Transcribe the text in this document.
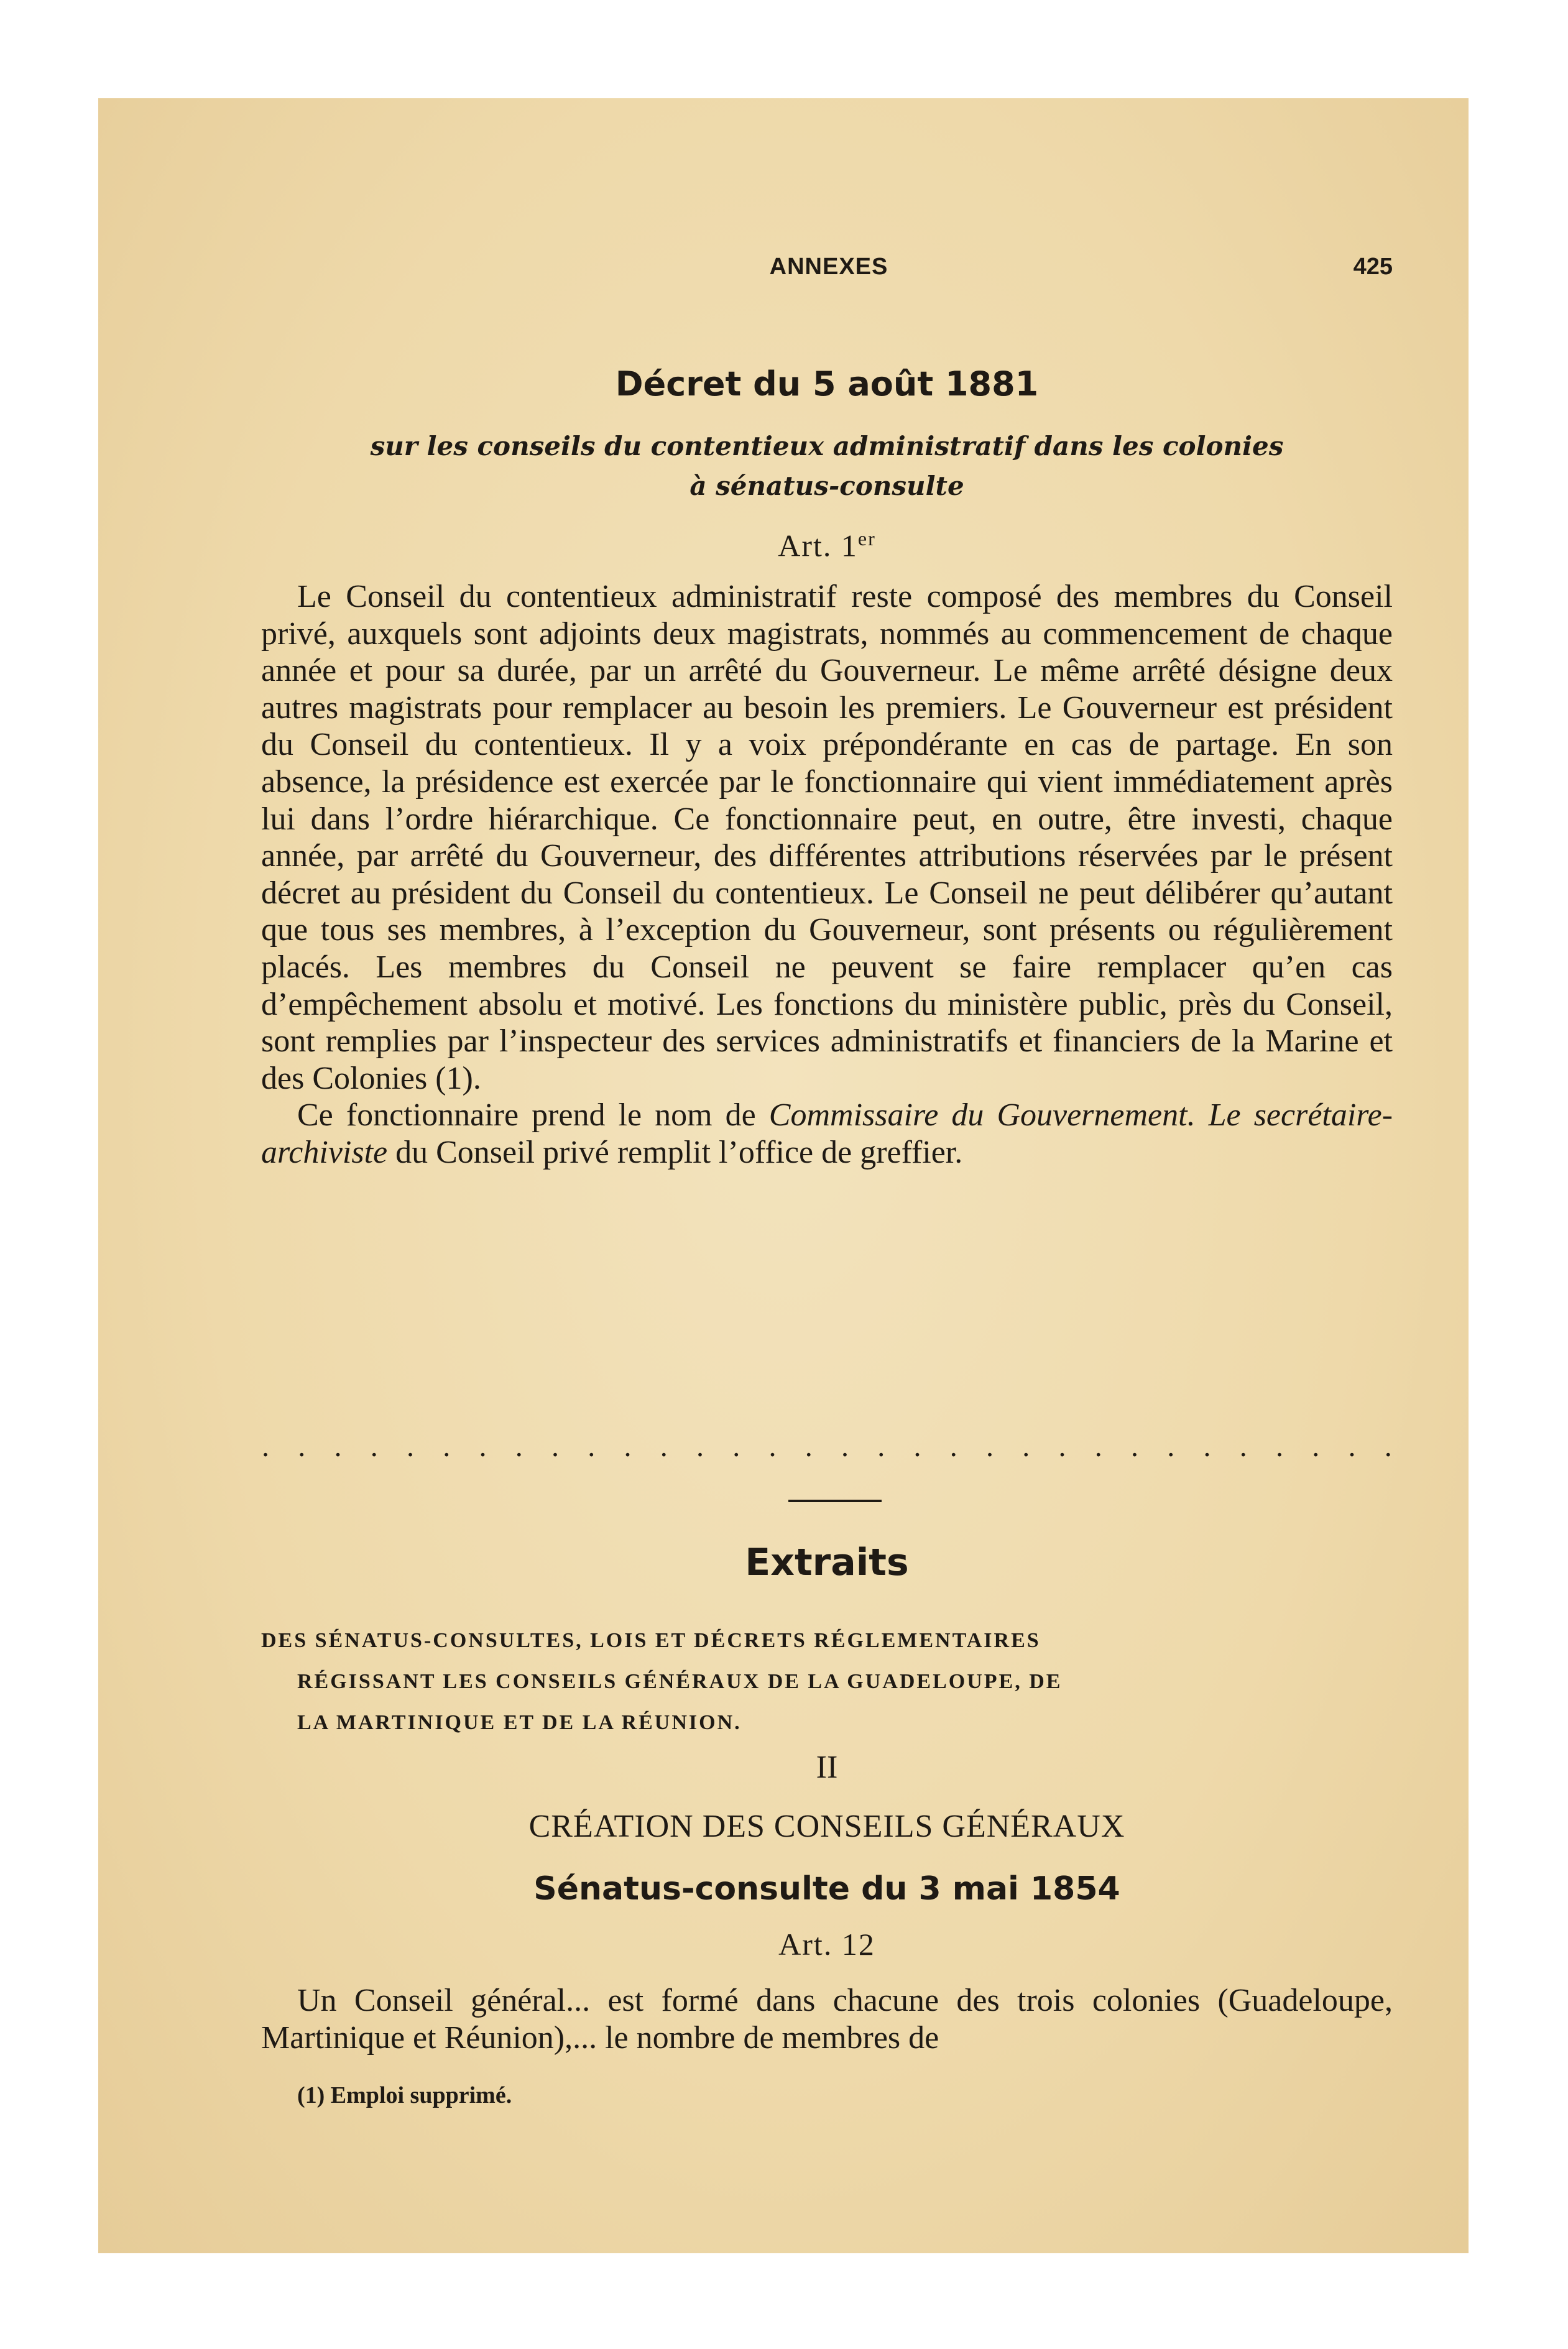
ANNEXES	425
Décret du 5 août 1881
sur les conseils du contentieux administratif dans les colonies
à sénatus-consulte
Art. 1er

Le Conseil du contentieux administratif reste composé des membres du Conseil privé, auxquels sont adjoints deux magistrats, nommés au commencement de chaque année et pour sa durée, par un arrêté du Gouverneur. Le même arrêté désigne deux autres magistrats pour remplacer au besoin les premiers. Le Gouverneur est président du Conseil du contentieux. Il y a voix prépondérante en cas de partage. En son absence, la présidence est exercée par le fonctionnaire qui vient immédiatement après lui dans l’ordre hiérarchique. Ce fonctionnaire peut, en outre, être investi, chaque année, par arrêté du Gouverneur, des différentes attributions réservées par le présent décret au président du Conseil du contentieux. Le Conseil ne peut délibérer qu’autant que tous ses membres, à l’exception du Gouverneur, sont présents ou régulièrement placés. Les membres du Conseil ne peuvent se faire remplacer qu’en cas d’empêchement absolu et motivé. Les fonctions du ministère public, près du Conseil, sont remplies par l’inspecteur des services administratifs et financiers de la Marine et des Colonies (1).

Ce fonctionnaire prend le nom de Commissaire du Gouvernement. Le secrétaire-archiviste du Conseil privé remplit l’office de greffier.

. . . . . . . . . . . . . . . . . . . . . . . . . . . . . . . .
Extraits
DES SÉNATUS-CONSULTES, LOIS ET DÉCRETS RÉGLEMENTAIRES
RÉGISSANT LES CONSEILS GÉNÉRAUX DE LA GUADELOUPE, DE
LA MARTINIQUE ET DE LA RÉUNION.
II
CRÉATION DES CONSEILS GÉNÉRAUX
Sénatus-consulte du 3 mai 1854
Art. 12

Un Conseil général... est formé dans chacune des trois colonies (Guadeloupe, Martinique et Réunion),... le nombre de membres de

(1) Emploi supprimé.
